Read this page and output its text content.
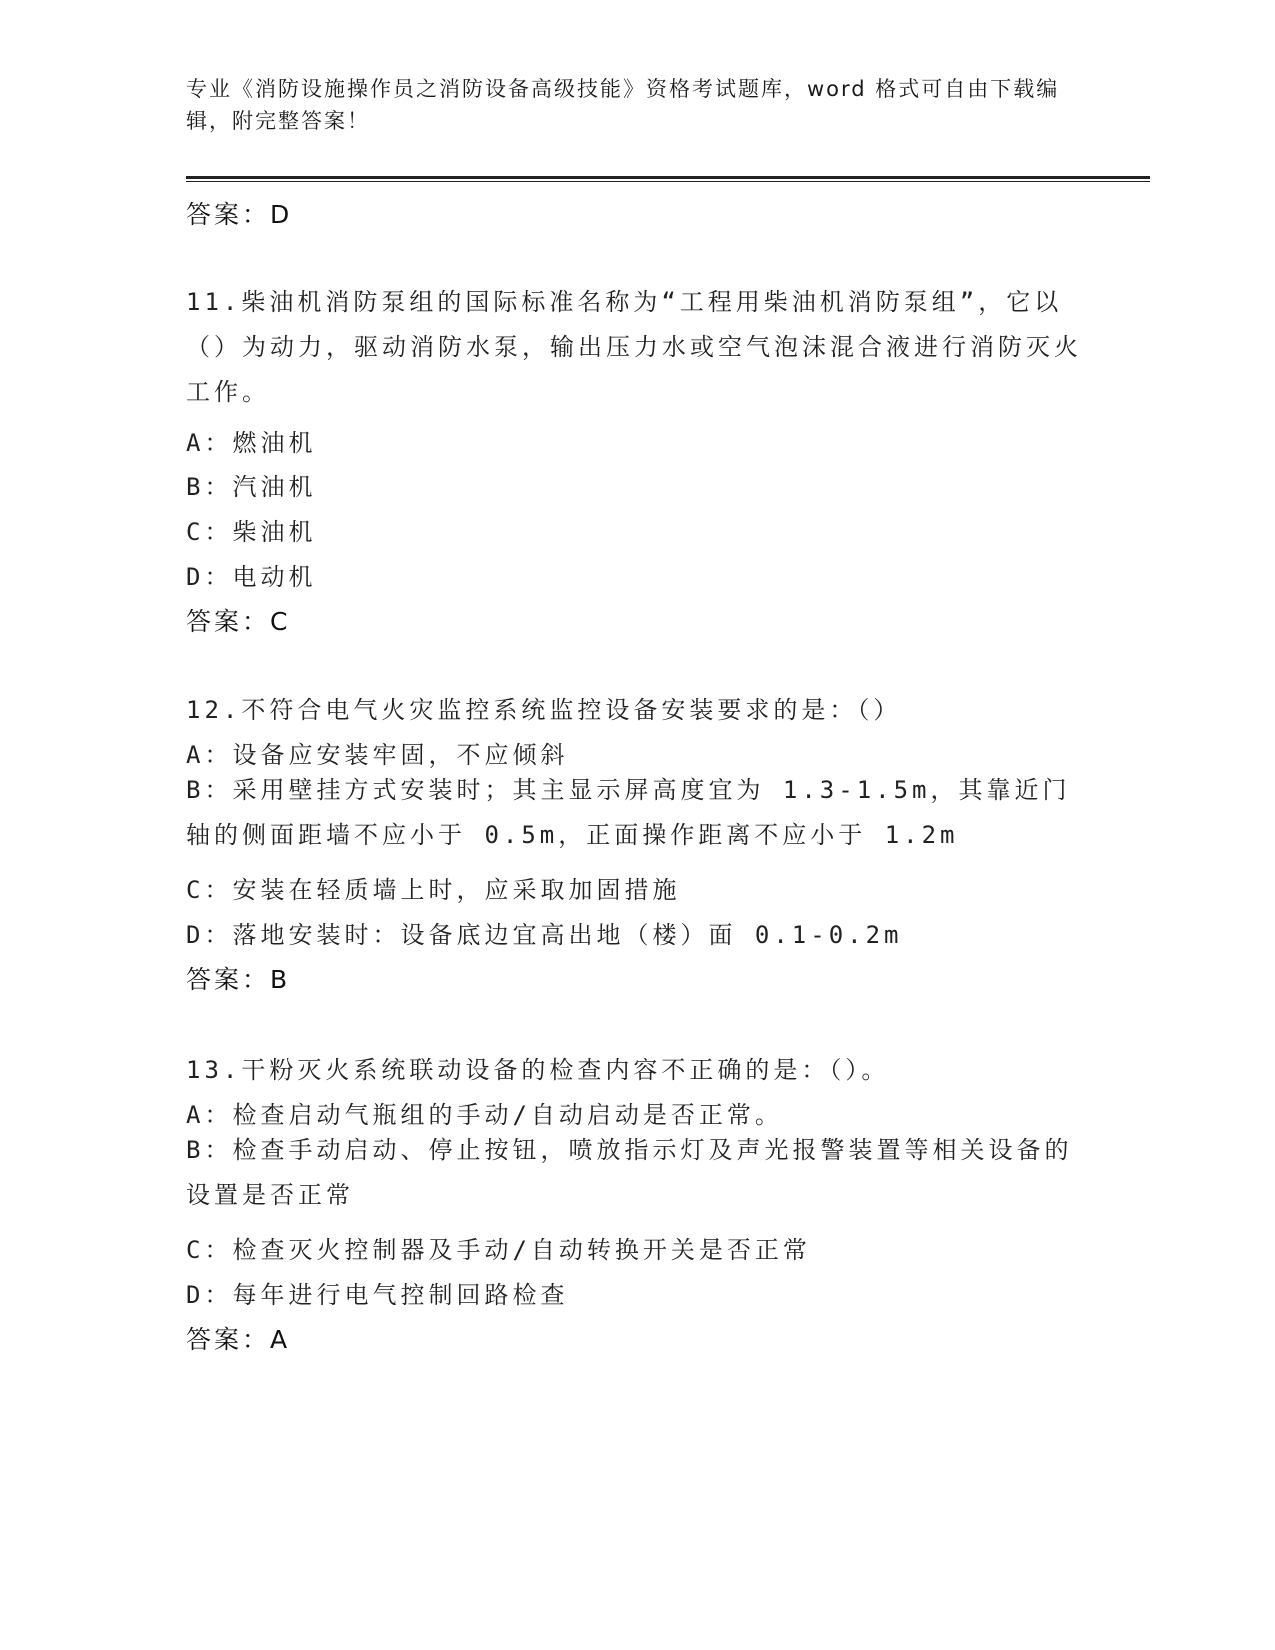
专业《消防设施操作员之消防设备高级技能》资格考试题库，word 格式可自由下载编辑，附完整答案！
答案：D
11.柴油机消防泵组的国际标准名称为“工程用柴油机消防泵组”，它以（）为动力，驱动消防水泵，输出压力水或空气泡沫混合液进行消防灭火工作。
A：燃油机
B：汽油机
C：柴油机
D：电动机
答案：C
12.不符合电气火灾监控系统监控设备安装要求的是：（）
A：设备应安装牢固，不应倾斜
B：采用壁挂方式安装时；其主显示屏高度宜为 1.3-1.5m，其靠近门轴的侧面距墙不应小于 0.5m，正面操作距离不应小于 1.2m
C：安装在轻质墙上时，应采取加固措施
D：落地安装时：设备底边宜高出地（楼）面 0.1-0.2m
答案：B
13.干粉灭火系统联动设备的检查内容不正确的是：（）。
A：检查启动气瓶组的手动/自动启动是否正常。
B：检查手动启动、停止按钮，喷放指示灯及声光报警装置等相关设备的设置是否正常
C：检查灭火控制器及手动/自动转换开关是否正常
D：每年进行电气控制回路检查
答案：A
